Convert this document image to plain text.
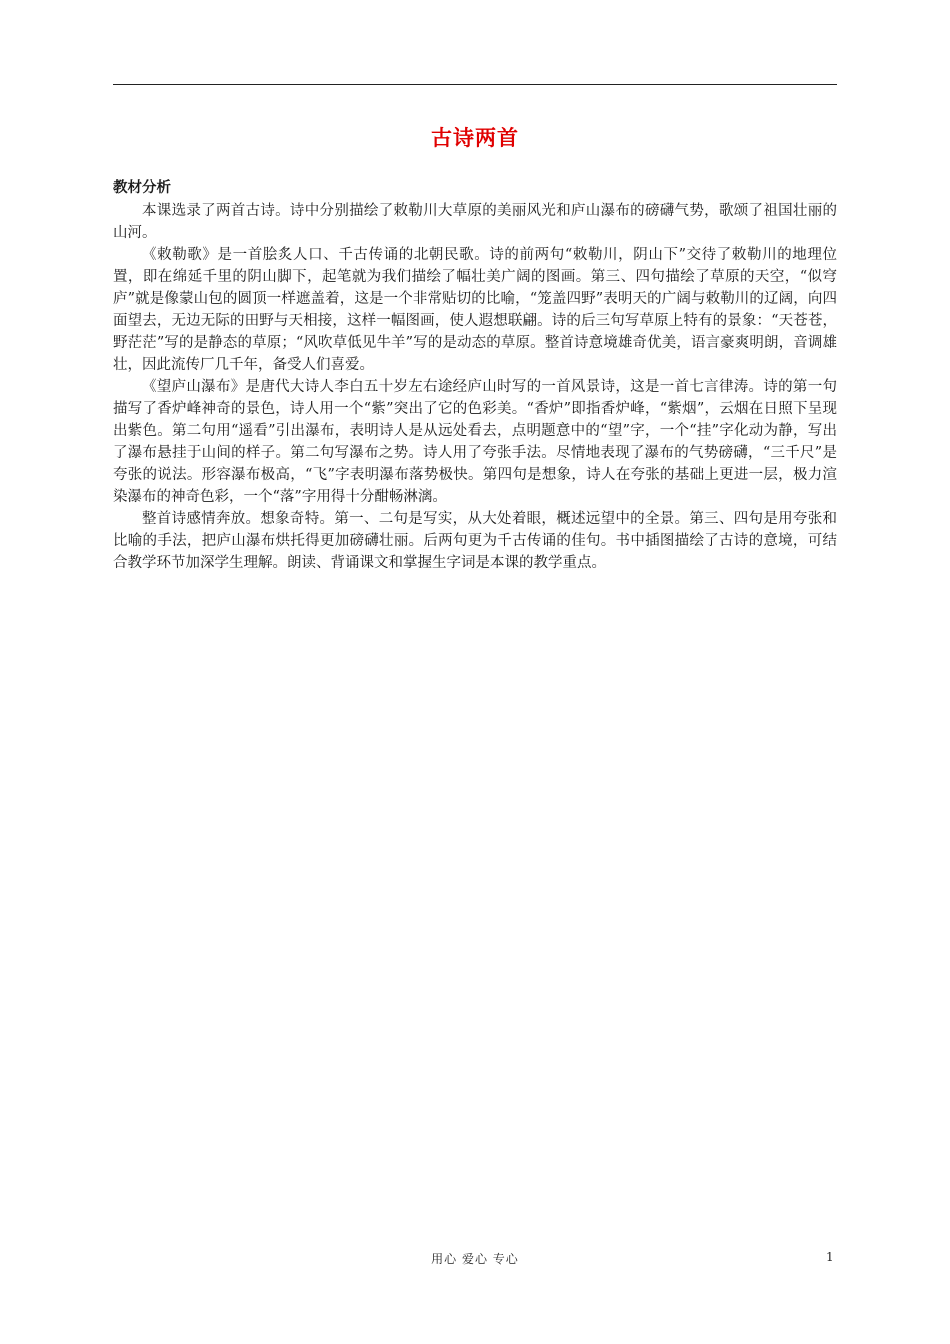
古诗两首
教材分析

本课选录了两首古诗。诗中分别描绘了敕勒川大草原的美丽风光和庐山瀑布的磅礴气势，歌颂了祖国壮丽的山河。

《敕勒歌》是一首脍炙人口、千古传诵的北朝民歌。诗的前两句“敕勒川，阴山下”交待了敕勒川的地理位置，即在绵延千里的阴山脚下，起笔就为我们描绘了幅壮美广阔的图画。第三、四句描绘了草原的天空，“似穹庐”就是像蒙山包的圆顶一样遮盖着，这是一个非常贴切的比喻，“笼盖四野”表明天的广阔与敕勒川的辽阔，向四面望去，无边无际的田野与天相接，这样一幅图画，使人遐想联翩。诗的后三句写草原上特有的景象：“天苍苍，野茫茫”写的是静态的草原；“风吹草低见牛羊”写的是动态的草原。整首诗意境雄奇优美，语言豪爽明朗，音调雄壮，因此流传厂几千年，备受人们喜爱。

《望庐山瀑布》是唐代大诗人李白五十岁左右途经庐山时写的一首风景诗，这是一首七言律涛。诗的第一句描写了香炉峰神奇的景色，诗人用一个“紫”突出了它的色彩美。“香炉”即指香炉峰，“紫烟”，云烟在日照下呈现出紫色。第二句用“遥看”引出瀑布，表明诗人是从远处看去，点明题意中的“望”字，一个“挂”字化动为静，写出了瀑布悬挂于山间的样子。第二句写瀑布之势。诗人用了夸张手法。尽情地表现了瀑布的气势磅礴，“三千尺”是夸张的说法。形容瀑布极高，“飞”字表明瀑布落势极快。第四句是想象，诗人在夸张的基础上更进一层，极力渲染瀑布的神奇色彩，一个“落”字用得十分酣畅淋漓。

整首诗感情奔放。想象奇特。第一、二句是写实，从大处着眼，概述远望中的全景。第三、四句是用夸张和比喻的手法，把庐山瀑布烘托得更加磅礴壮丽。后两句更为千古传诵的佳句。书中插图描绘了古诗的意境，可结合教学环节加深学生理解。朗读、背诵课文和掌握生字词是本课的教学重点。

用心 爱心 专心	1
